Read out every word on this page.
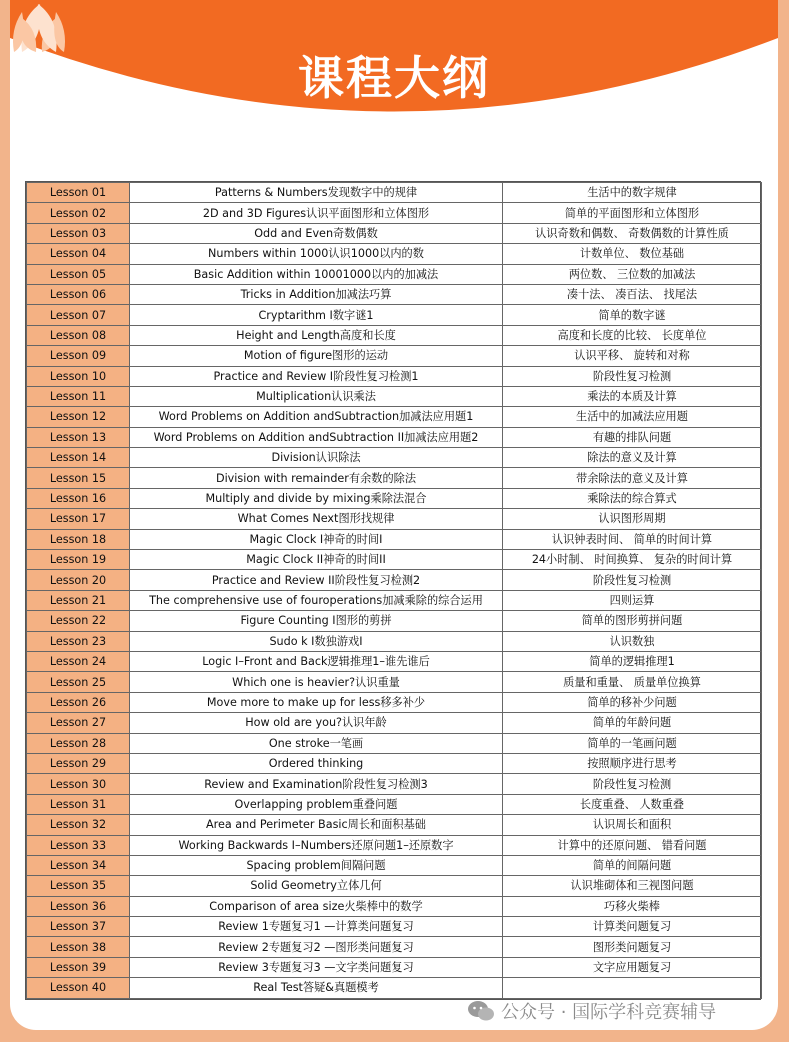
课程大纲
Lesson 01	Patterns & Numbers发现数字中的规律	生活中的数字规律
Lesson 02	2D and 3D Figures认识平面图形和立体图形	简单的平面图形和立体图形
Lesson 03	Odd and Even奇数偶数	认识奇数和偶数、 奇数偶数的计算性质
Lesson 04	Numbers within 1000认识1000以内的数	计数单位、 数位基础
Lesson 05	Basic Addition within 10001000以内的加减法	两位数、 三位数的加减法
Lesson 06	Tricks in Addition加减法巧算	凑十法、 凑百法、 找尾法
Lesson 07	Cryptarithm I数字谜1	简单的数字谜
Lesson 08	Height and Length高度和长度	高度和长度的比较、 长度单位
Lesson 09	Motion of figure图形的运动	认识平移、 旋转和对称
Lesson 10	Practice and Review I阶段性复习检测1	阶段性复习检测
Lesson 11	Multiplication认识乘法	乘法的本质及计算
Lesson 12	Word Problems on Addition andSubtraction加减法应用题1	生活中的加减法应用题
Lesson 13	Word Problems on Addition andSubtraction II加减法应用题2	有趣的排队问题
Lesson 14	Division认识除法	除法的意义及计算
Lesson 15	Division with remainder有余数的除法	带余除法的意义及计算
Lesson 16	Multiply and divide by mixing乘除法混合	乘除法的综合算式
Lesson 17	What Comes Next图形找规律	认识图形周期
Lesson 18	Magic Clock I神奇的时间I	认识钟表时间、 简单的时间计算
Lesson 19	Magic Clock II神奇的时间II	24小时制、 时间换算、 复杂的时间计算
Lesson 20	Practice and Review II阶段性复习检测2	阶段性复习检测
Lesson 21	The comprehensive use of fouroperations加减乘除的综合运用	四则运算
Lesson 22	Figure Counting I图形的剪拼	简单的图形剪拼问题
Lesson 23	Sudo k I数独游戏I	认识数独
Lesson 24	Logic I–Front and Back逻辑推理1–谁先谁后	简单的逻辑推理1
Lesson 25	Which one is heavier?认识重量	质量和重量、 质量单位换算
Lesson 26	Move more to make up for less移多补少	简单的移补少问题
Lesson 27	How old are you?认识年龄	简单的年龄问题
Lesson 28	One stroke一笔画	简单的一笔画问题
Lesson 29	Ordered thinking	按照顺序进行思考
Lesson 30	Review and Examination阶段性复习检测3	阶段性复习检测
Lesson 31	Overlapping problem重叠问题	长度重叠、 人数重叠
Lesson 32	Area and Perimeter Basic周长和面积基础	认识周长和面积
Lesson 33	Working Backwards I–Numbers还原问题1–还原数字	计算中的还原问题、 错看问题
Lesson 34	Spacing problem间隔问题	简单的间隔问题
Lesson 35	Solid Geometry立体几何	认识堆砌体和三视图问题
Lesson 36	Comparison of area size火柴棒中的数学	巧移火柴棒
Lesson 37	Review 1专题复习1 —计算类问题复习	计算类问题复习
Lesson 38	Review 2专题复习2 —图形类问题复习	图形类问题复习
Lesson 39	Review 3专题复习3 —文字类问题复习	文字应用题复习
Lesson 40	Real Test答疑&真题模考	
公众号 · 国际学科竞赛辅导
